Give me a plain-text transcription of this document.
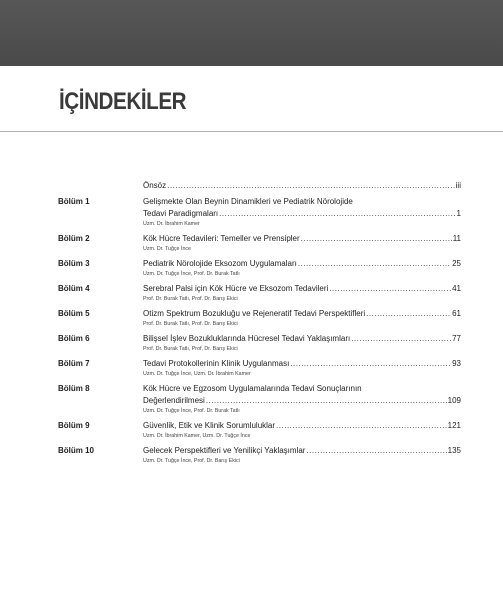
İÇİNDEKİLER
Önsöz .....	iii
Bölüm 1	Gelişmekte Olan Beynin Dinamikleri ve Pediatrik Nörolojide
Tedavi Paradigmaları .....	1
Uzm. Dr. İbrahim Kamer
Bölüm 2	Kök Hücre Tedavileri: Temeller ve Prensipler .....	11
Uzm. Dr. Tuğçe İnce
Bölüm 3	Pediatrik Nörolojide Eksozom Uygulamaları .....	25
Uzm. Dr. Tuğçe İnce, Prof. Dr. Burak Tatlı
Bölüm 4	Serebral Palsi için Kök Hücre ve Eksozom Tedavileri .....	41
Prof. Dr. Burak Tatlı, Prof. Dr. Barış Ekici
Bölüm 5	Otizm Spektrum Bozukluğu ve Rejeneratif Tedavi Perspektifleri .....	61
Prof. Dr. Burak Tatlı, Prof. Dr. Barış Ekici
Bölüm 6	Bilişsel İşlev Bozukluklarında Hücresel Tedavi Yaklaşımları .....	77
Prof. Dr. Burak Tatlı, Prof. Dr. Barış Ekici
Bölüm 7	Tedavi Protokollerinin Klinik Uygulanması .....	93
Uzm. Dr. Tuğçe İnce, Uzm. Dr. İbrahim Kamer
Bölüm 8	Kök Hücre ve Egzosom Uygulamalarında Tedavi Sonuçlarının
Değerlendirilmesi .....	109
Uzm. Dr. Tuğçe İnce, Prof. Dr. Burak Tatlı
Bölüm 9	Güvenlik, Etik ve Klinik Sorumluluklar .....	121
Uzm. Dr. İbrahim Kamer, Uzm. Dr. Tuğçe İnce
Bölüm 10	Gelecek Perspektifleri ve Yenilikçi Yaklaşımlar .....	135
Uzm. Dr. Tuğçe İnce, Prof. Dr. Barış Ekici
